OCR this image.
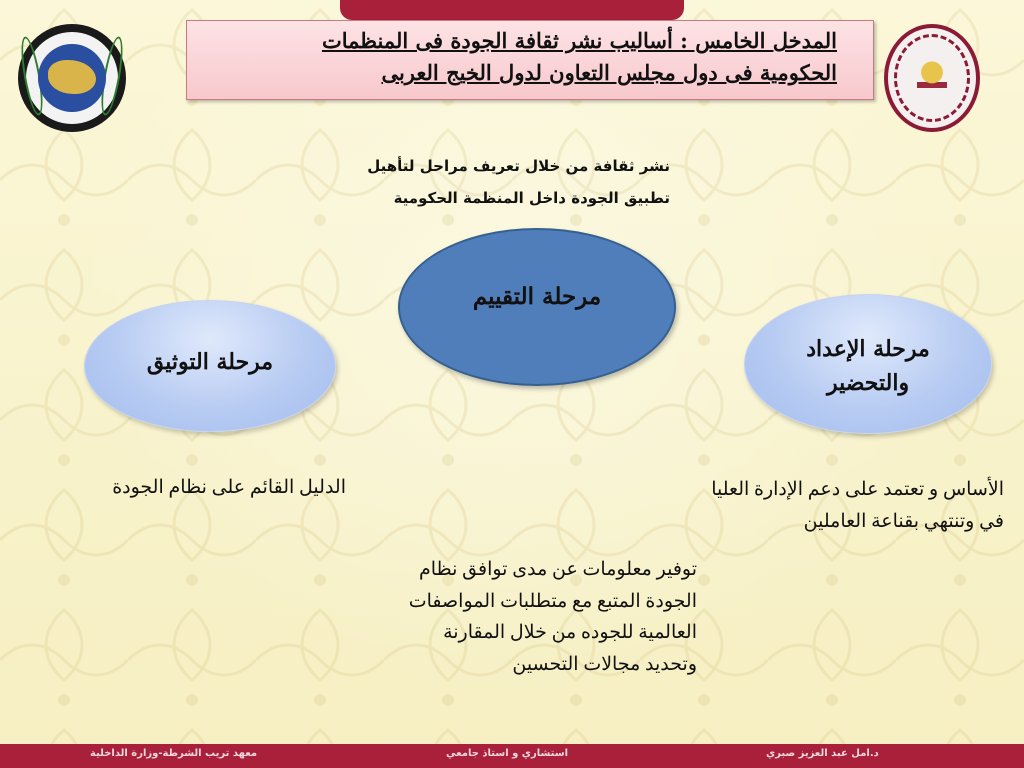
المدخل الخامس : أساليب نشر ثقافة الجودة فى المنظمات
الحكومية فى دول مجلس التعاون لدول الخيج العربى
نشر ثقافة من خلال تعريف مراحل لتأهيل
تطبيق الجودة داخل المنظمة الحكومية
مرحلة التقييم
مرحلة التوثيق	مرحلة الإعداد
والتحضير
الدليل القائم على نظام الجودة	الأساس و تعتمد على دعم الإدارة العليا في وتنتهي بقناعة العاملين
توفير معلومات عن مدى توافق نظام الجودة المتبع مع متطلبات المواصفات العالمية للجوده من خلال المقارنة وتحديد مجالات التحسين
معهد تريب الشرطة-وزارة الداخلية	استشاري و استاذ جامعي	د.امل عبد العزيز صبري
